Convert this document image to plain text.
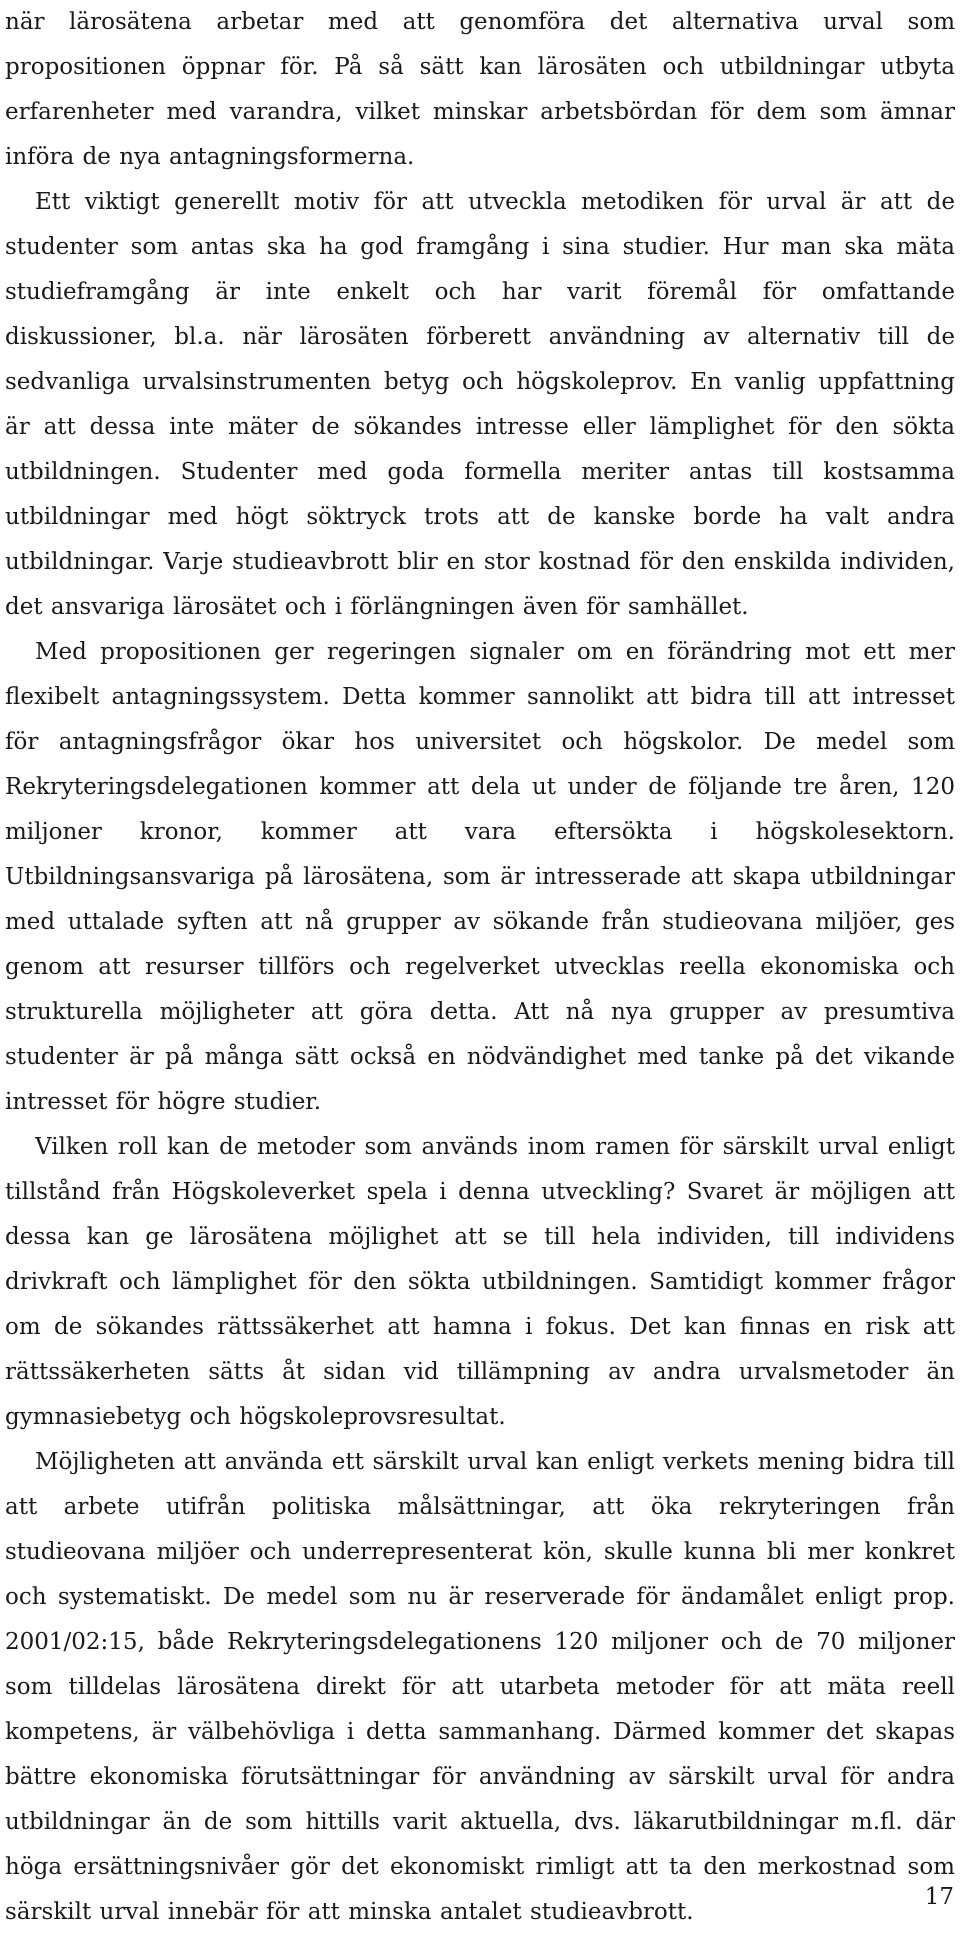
när lärosätena arbetar med att genomföra det alternativa urval som propositionen öppnar för. På så sätt kan lärosäten och utbildningar utbyta erfarenheter med varandra, vilket minskar arbetsbördan för dem som ämnar införa de nya antagningsformerna.

Ett viktigt generellt motiv för att utveckla metodiken för urval är att de studenter som antas ska ha god framgång i sina studier. Hur man ska mäta studieframgång är inte enkelt och har varit föremål för omfattande diskussioner, bl.a. när lärosäten förberett användning av alternativ till de sedvanliga urvalsinstrumenten betyg och högskoleprov. En vanlig uppfattning är att dessa inte mäter de sökandes intresse eller lämplighet för den sökta utbildningen. Studenter med goda formella meriter antas till kostsamma utbildningar med högt söktryck trots att de kanske borde ha valt andra utbildningar. Varje studieavbrott blir en stor kostnad för den enskilda individen, det ansvariga lärosätet och i förlängningen även för samhället.

Med propositionen ger regeringen signaler om en förändring mot ett mer flexibelt antagningssystem. Detta kommer sannolikt att bidra till att intresset för antagningsfrågor ökar hos universitet och högskolor. De medel som Rekryteringsdelegationen kommer att dela ut under de följande tre åren, 120 miljoner kronor, kommer att vara eftersökta i högskolesektorn. Utbildningsansvariga på lärosätena, som är intresserade att skapa utbildningar med uttalade syften att nå grupper av sökande från studieovana miljöer, ges genom att resurser tillförs och regelverket utvecklas reella ekonomiska och strukturella möjligheter att göra detta. Att nå nya grupper av presumtiva studenter är på många sätt också en nödvändighet med tanke på det vikande intresset för högre studier.

Vilken roll kan de metoder som används inom ramen för särskilt urval enligt tillstånd från Högskoleverket spela i denna utveckling? Svaret är möjligen att dessa kan ge lärosätena möjlighet att se till hela individen, till individens drivkraft och lämplighet för den sökta utbildningen. Samtidigt kommer frågor om de sökandes rättssäkerhet att hamna i fokus. Det kan finnas en risk att rättssäkerheten sätts åt sidan vid tillämpning av andra urvalsmetoder än gymnasiebetyg och högskoleprovsresultat.

Möjligheten att använda ett särskilt urval kan enligt verkets mening bidra till att arbete utifrån politiska målsättningar, att öka rekryteringen från studieovana miljöer och underrepresenterat kön, skulle kunna bli mer konkret och systematiskt. De medel som nu är reserverade för ändamålet enligt prop. 2001/02:15, både Rekryteringsdelegationens 120 miljoner och de 70 miljoner som tilldelas lärosätena direkt för att utarbeta metoder för att mäta reell kompetens, är välbehövliga i detta sammanhang. Därmed kommer det skapas bättre ekonomiska förutsättningar för användning av särskilt urval för andra utbildningar än de som hittills varit aktuella, dvs. läkarutbildningar m.fl. där höga ersättningsnivåer gör det ekonomiskt rimligt att ta den merkostnad som särskilt urval innebär för att minska antalet studieavbrott.

17
